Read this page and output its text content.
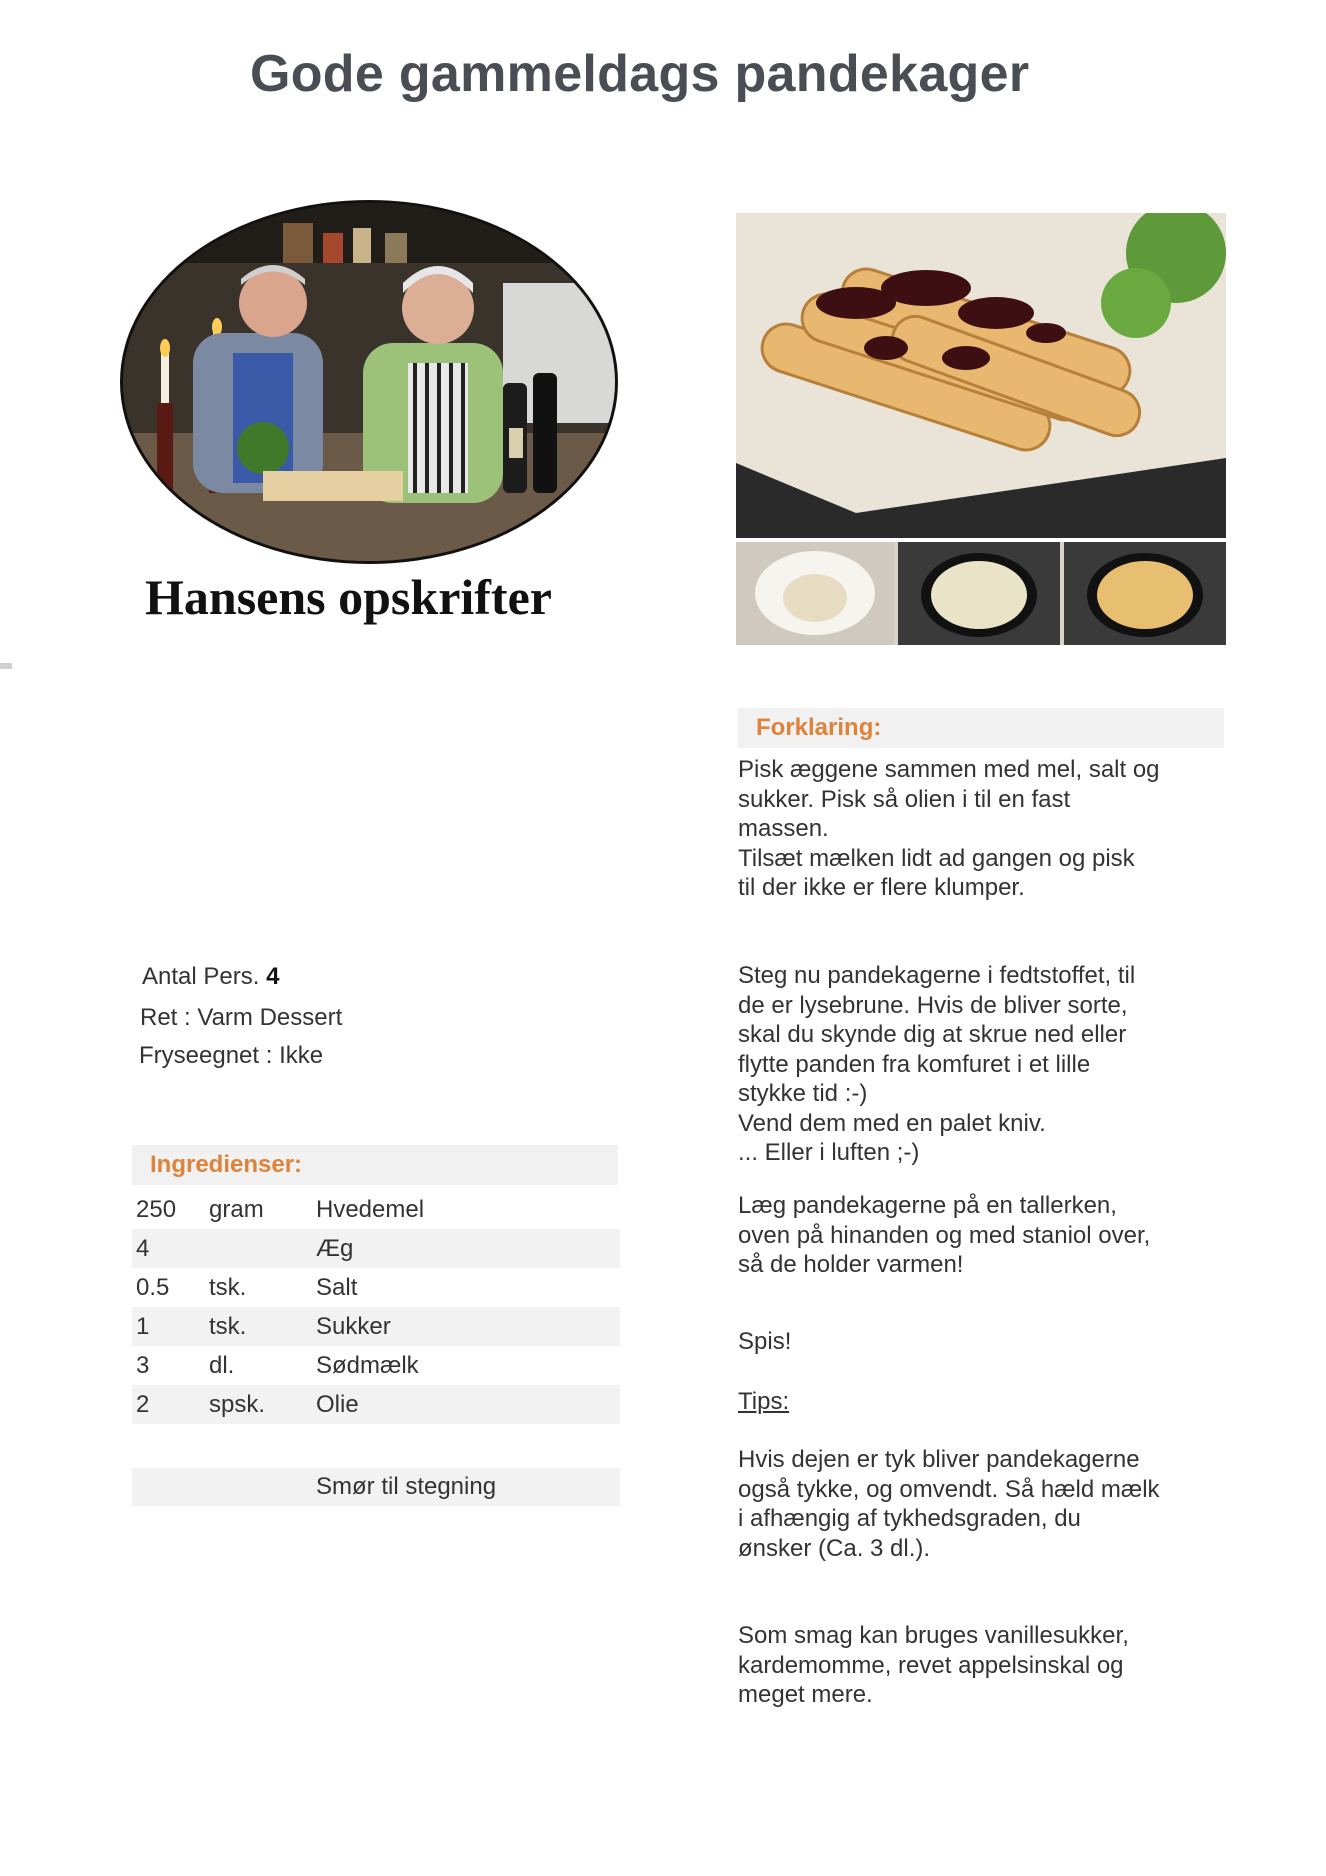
Gode gammeldags pandekager
Hansens opskrifter
Antal Pers. 4
Ret : Varm Dessert
Fryseegnet : Ikke
Ingredienser:
250 gram Hvedemel
4	Æg
0.5 tsk.	Salt
1 tsk.	Sukker
3 dl.	Sødmælk
2 spsk. Olie
Smør til stegning
Forklaring:
Pisk æggene sammen med mel, salt og
sukker. Pisk så olien i til en fast
massen.
Tilsæt mælken lidt ad gangen og pisk
til der ikke er flere klumper.
Steg nu pandekagerne i fedtstoffet, til
de er lysebrune. Hvis de bliver sorte,
skal du skynde dig at skrue ned eller
flytte panden fra komfuret i et lille
stykke tid :-)
Vend dem med en palet kniv.
... Eller i luften ;-)
Læg pandekagerne på en tallerken,
oven på hinanden og med staniol over,
så de holder varmen!
Spis!
Tips:
Hvis dejen er tyk bliver pandekagerne
også tykke, og omvendt. Så hæld mælk
i afhængig af tykhedsgraden, du
ønsker (Ca. 3 dl.).
Som smag kan bruges vanillesukker,
kardemomme, revet appelsinskal og
meget mere.
